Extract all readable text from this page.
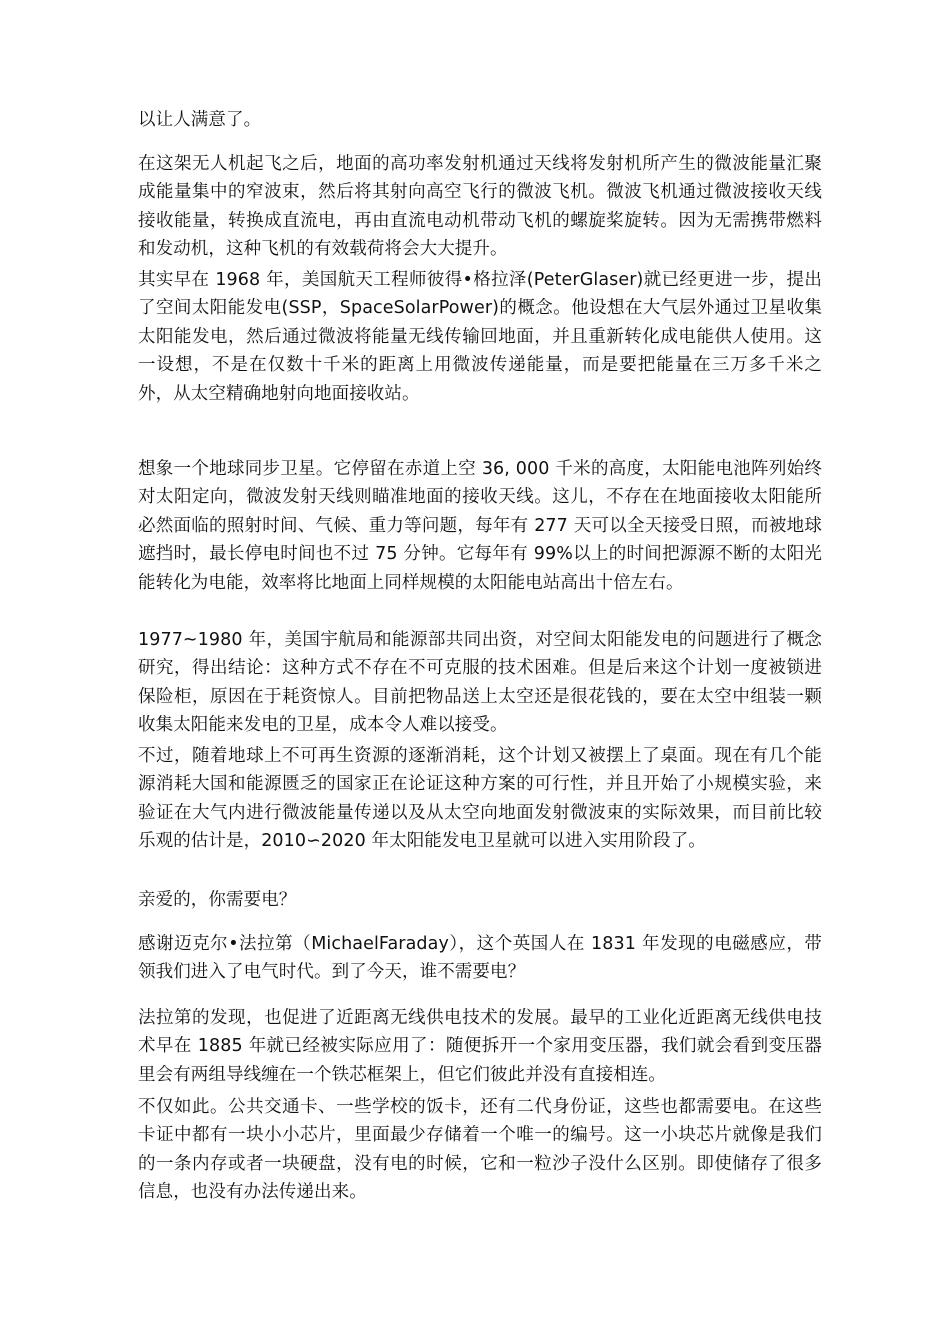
以让人满意了。

在这架无人机起飞之后，地面的高功率发射机通过天线将发射机所产生的微波能量汇聚成能量集中的窄波束，然后将其射向高空飞行的微波飞机。微波飞机通过微波接收天线接收能量，转换成直流电，再由直流电动机带动飞机的螺旋桨旋转。因为无需携带燃料和发动机，这种飞机的有效载荷将会大大提升。

其实早在 1968 年，美国航天工程师彼得•格拉泽(PeterGlaser)就已经更进一步，提出了空间太阳能发电(SSP，SpaceSolarPower)的概念。他设想在大气层外通过卫星收集太阳能发电，然后通过微波将能量无线传输回地面，并且重新转化成电能供人使用。这一设想，不是在仅数十千米的距离上用微波传递能量，而是要把能量在三万多千米之外，从太空精确地射向地面接收站。

想象一个地球同步卫星。它停留在赤道上空 36, 000 千米的高度，太阳能电池阵列始终对太阳定向，微波发射天线则瞄准地面的接收天线。这儿，不存在在地面接收太阳能所必然面临的照射时间、气候、重力等问题，每年有 277 天可以全天接受日照，而被地球遮挡时，最长停电时间也不过 75 分钟。它每年有 99%以上的时间把源源不断的太阳光能转化为电能，效率将比地面上同样规模的太阳能电站高出十倍左右。

1977~1980 年，美国宇航局和能源部共同出资，对空间太阳能发电的问题进行了概念研究，得出结论：这种方式不存在不可克服的技术困难。但是后来这个计划一度被锁进保险柜，原因在于耗资惊人。目前把物品送上太空还是很花钱的，要在太空中组装一颗收集太阳能来发电的卫星，成本令人难以接受。

不过，随着地球上不可再生资源的逐渐消耗，这个计划又被摆上了桌面。现在有几个能源消耗大国和能源匮乏的国家正在论证这种方案的可行性，并且开始了小规模实验，来验证在大气内进行微波能量传递以及从太空向地面发射微波束的实际效果，而目前比较乐观的估计是，2010∽2020 年太阳能发电卫星就可以进入实用阶段了。

亲爱的，你需要电？

感谢迈克尔•法拉第（MichaelFaraday），这个英国人在 1831 年发现的电磁感应，带领我们进入了电气时代。到了今天，谁不需要电？

法拉第的发现，也促进了近距离无线供电技术的发展。最早的工业化近距离无线供电技术早在 1885 年就已经被实际应用了：随便拆开一个家用变压器，我们就会看到变压器里会有两组导线缠在一个铁芯框架上，但它们彼此并没有直接相连。

不仅如此。公共交通卡、一些学校的饭卡，还有二代身份证，这些也都需要电。在这些卡证中都有一块小小芯片，里面最少存储着一个唯一的编号。这一小块芯片就像是我们的一条内存或者一块硬盘，没有电的时候，它和一粒沙子没什么区别。即使储存了很多信息，也没有办法传递出来。
